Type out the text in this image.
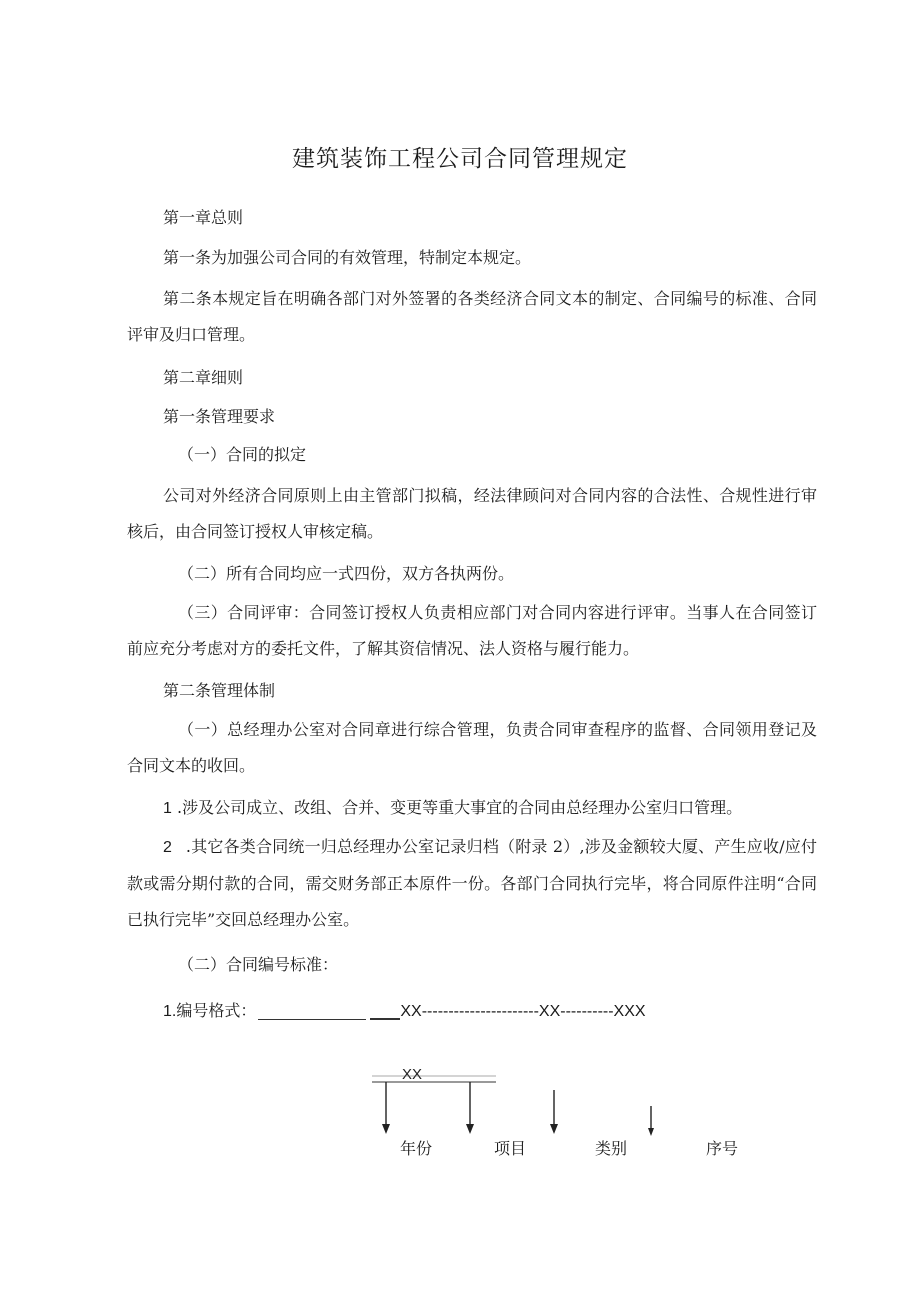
建筑装饰工程公司合同管理规定

第一章总则

第一条为加强公司合同的有效管理，特制定本规定。

第二条本规定旨在明确各部门对外签署的各类经济合同文本的制定、合同编号的标准、合同评审及归口管理。

第二章细则

第一条管理要求

（一）合同的拟定

公司对外经济合同原则上由主管部门拟稿，经法律顾问对合同内容的合法性、合规性进行审核后，由合同签订授权人审核定稿。

（二）所有合同均应一式四份，双方各执两份。

（三）合同评审：合同签订授权人负责相应部门对合同内容进行评审。当事人在合同签订前应充分考虑对方的委托文件，了解其资信情况、法人资格与履行能力。

第二条管理体制

（一）总经理办公室对合同章进行综合管理，负责合同审查程序的监督、合同领用登记及合同文本的收回。

1 .涉及公司成立、改组、合并、变更等重大事宜的合同由总经理办公室归口管理。

2 .其它各类合同统一归总经理办公室记录归档（附录 2）,涉及金额较大厦、产生应收/应付款或需分期付款的合同，需交财务部正本原件一份。各部门合同执行完毕，将合同原件注明“合同已执行完毕”交回总经理办公室。

（二）合同编号标准：

1.编号格式：	XX----------------------XX----------XXX
XX
年份	项目	类别	序号
